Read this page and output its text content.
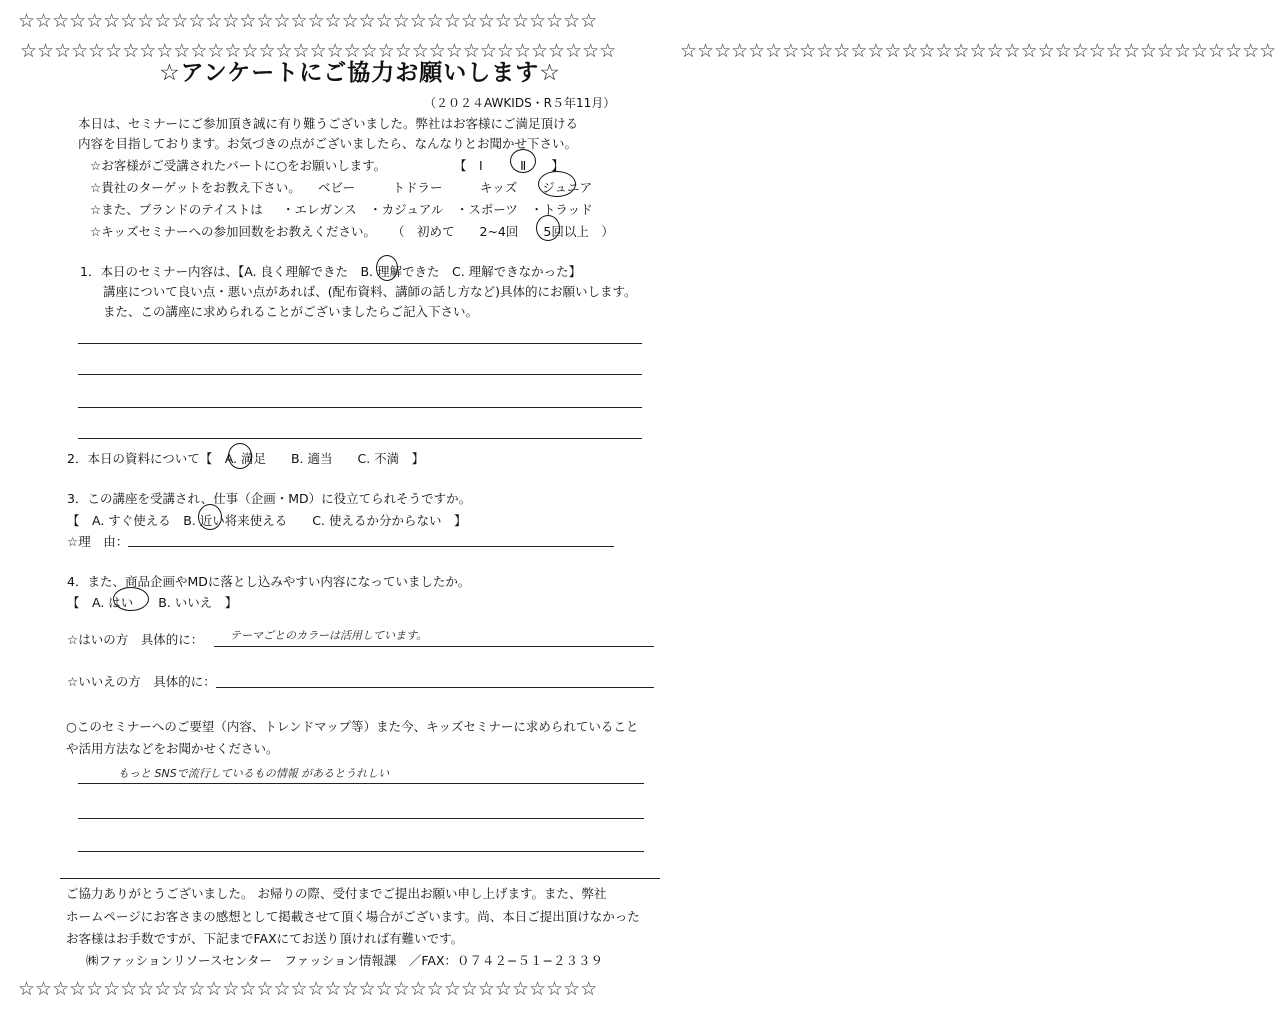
☆☆☆☆☆☆☆☆☆☆☆☆☆☆☆☆☆☆☆☆☆☆☆☆☆☆☆☆☆☆☆☆☆☆
☆☆☆☆☆☆☆☆☆☆☆☆☆☆☆☆☆☆☆☆☆☆☆☆☆☆☆☆☆☆☆☆☆☆
☆☆☆☆☆☆☆☆☆☆☆☆☆☆☆☆☆☆☆☆☆☆☆☆☆☆☆☆☆☆☆☆☆☆☆	☆☆☆☆☆☆☆☆☆☆☆☆☆☆☆☆☆☆☆☆☆☆☆☆☆☆☆☆☆☆☆☆☆☆☆
☆アンケートにご協力お願いします☆
（２０２４AWKIDS・R５年11月）
本日は、セミナーにご参加頂き誠に有り難うございました。弊社はお客様にご満足頂ける
内容を目指しております。お気づきの点がございましたら、なんなりとお聞かせ下さい。
☆お客様がご受講されたパートに○をお願いします。	【　Ⅰ　　　Ⅱ　　】
☆貴社のターゲットをお教え下さい。 ベビー　　　トドラー　　　キッズ　　ジュニア
☆また、ブランドのテイストは ・エレガンス　・カジュアル　・スポーツ　・トラッド
☆キッズセミナーへの参加回数をお教えください。 （　初めて　　2~4回　　5回以上　）
1．本日のセミナー内容は、【A. 良く理解できた　B. 理解できた　C. 理解できなかった】
講座について良い点・悪い点があれば、(配布資料、講師の話し方など)具体的にお願いします。
また、この講座に求められることがございましたらご記入下さい。
2．本日の資料について【　A. 満足　　B. 適当　　C. 不満　】
3．この講座を受講され、仕事（企画・MD）に役立てられそうですか。
【　A. すぐ使える　B. 近い将来使える　　C. 使えるか分からない　】
☆理　由：
4．また、商品企画やMDに落とし込みやすい内容になっていましたか。
【　A. はい　　B. いいえ　】
☆はいの方　具体的に： テーマごとのカラーは活用しています。
☆いいえの方　具体的に：
○このセミナーへのご要望（内容、トレンドマップ等）また今、キッズセミナーに求められていること
や活用方法などをお聞かせください。
もっと SNSで流行しているもの情報 があるとうれしい
ご協力ありがとうございました。 お帰りの際、受付までご提出お願い申し上げます。また、弊社
ホームページにお客さまの感想として掲載させて頂く場合がございます。尚、本日ご提出頂けなかった
お客様はお手数ですが、下記までFAXにてお送り頂ければ有難いです。
㈱ファッションリソースセンター　ファッション情報課　／FAX：０７４２−５１−２３３９
